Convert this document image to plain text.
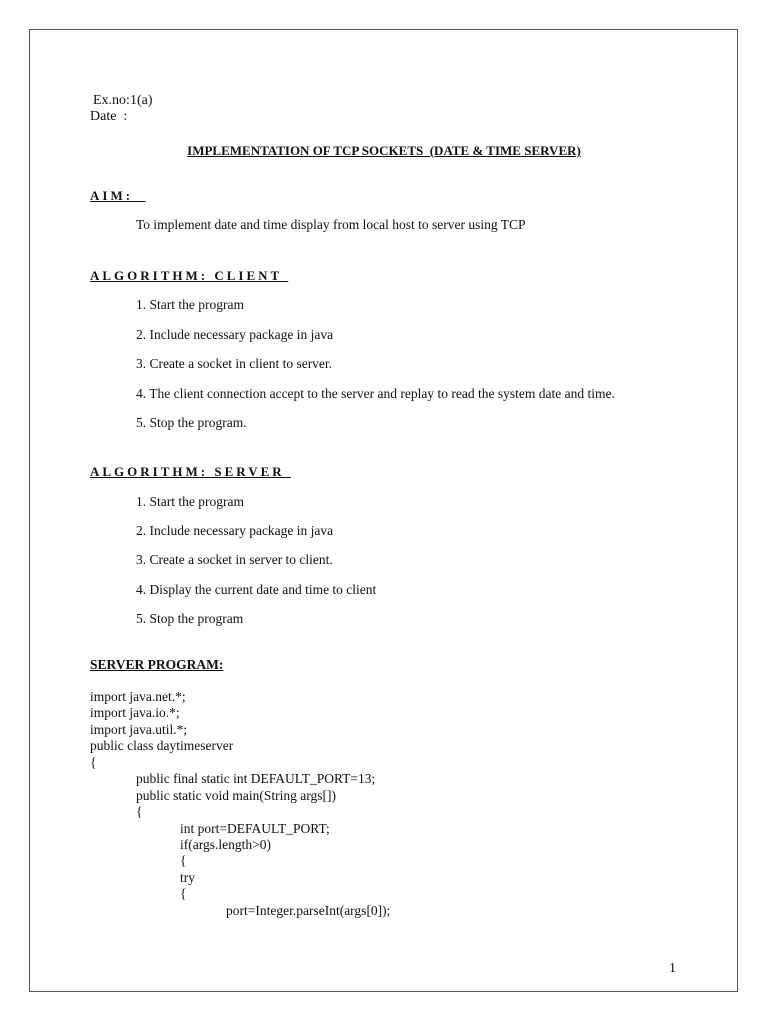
Ex.no:1(a)
Date  :
IMPLEMENTATION OF TCP SOCKETS  (DATE & TIME SERVER)
AIM:
To implement date and time display from local host to server using TCP
ALGORITHM: CLIENT
1. Start the program
2. Include necessary package in java
3. Create a socket in client to server.
4. The client connection accept to the server and replay to read the system date and time.
5. Stop the program.
ALGORITHM: SERVER
1. Start the program
2. Include necessary package in java
3. Create a socket in server to client.
4. Display the current date and time to client
5. Stop the program
SERVER PROGRAM:
import java.net.*;
import java.io.*;
import java.util.*;
public class daytimeserver
{
public final static int DEFAULT_PORT=13;
public static void main(String args[])
{
int port=DEFAULT_PORT;
if(args.length>0)
{
try
{
port=Integer.parseInt(args[0]);
1
